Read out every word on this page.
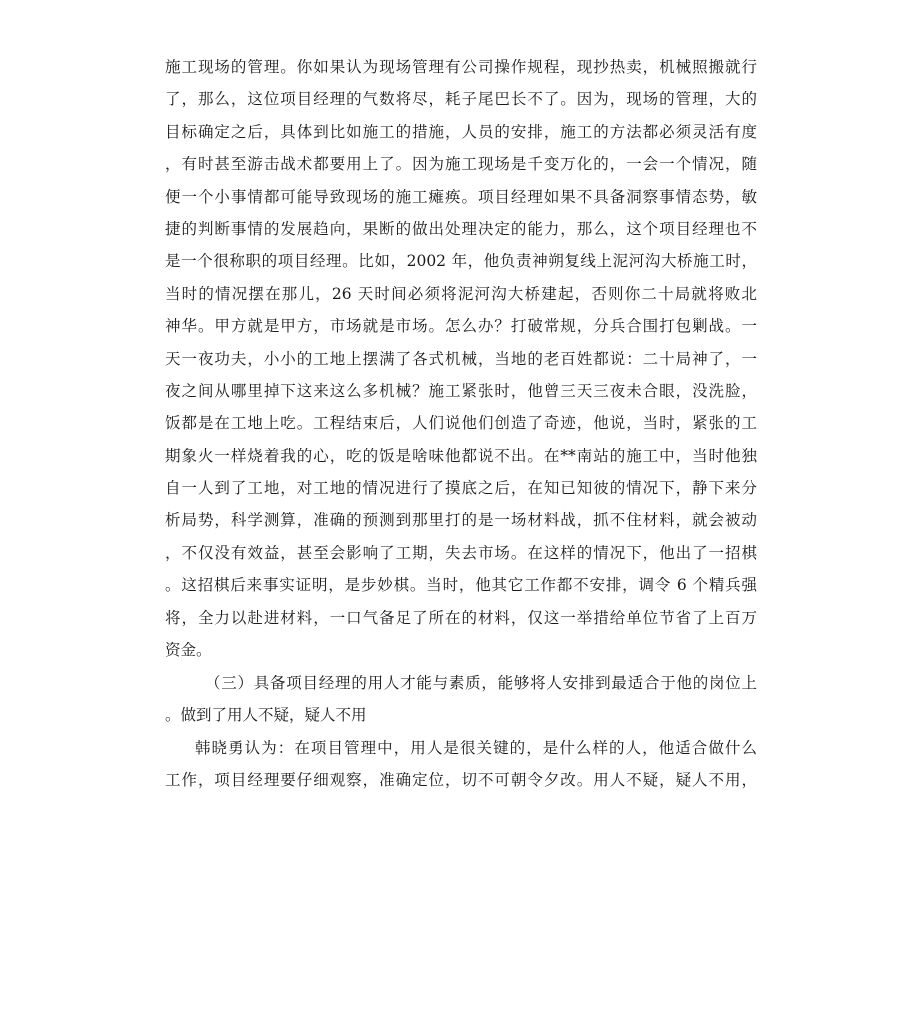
施工现场的管理。你如果认为现场管理有公司操作规程，现抄热卖，机械照搬就行
了，那么，这位项目经理的气数将尽，耗子尾巴长不了。因为，现场的管理，大的
目标确定之后，具体到比如施工的措施，人员的安排，施工的方法都必须灵活有度
，有时甚至游击战术都要用上了。因为施工现场是千变万化的，一会一个情况，随
便一个小事情都可能导致现场的施工瘫痪。项目经理如果不具备洞察事情态势，敏
捷的判断事情的发展趋向，果断的做出处理决定的能力，那么，这个项目经理也不
是一个很称职的项目经理。比如，2002 年，他负责神朔复线上泥河沟大桥施工时，
当时的情况摆在那儿，26 天时间必须将泥河沟大桥建起，否则你二十局就将败北
神华。甲方就是甲方，市场就是市场。怎么办？打破常规，分兵合围打包剿战。一
天一夜功夫，小小的工地上摆满了各式机械，当地的老百姓都说：二十局神了，一
夜之间从哪里掉下这来这么多机械？施工紧张时，他曾三天三夜未合眼，没洗脸，
饭都是在工地上吃。工程结束后，人们说他们创造了奇迹，他说，当时，紧张的工
期象火一样烧着我的心，吃的饭是啥味他都说不出。在**南站的施工中，当时他独
自一人到了工地，对工地的情况进行了摸底之后，在知已知彼的情况下，静下来分
析局势，科学测算，准确的预测到那里打的是一场材料战，抓不住材料，就会被动
，不仅没有效益，甚至会影响了工期，失去市场。在这样的情况下，他出了一招棋
。这招棋后来事实证明，是步妙棋。当时，他其它工作都不安排，调令 6 个精兵强
将，全力以赴进材料，一口气备足了所在的材料，仅这一举措给单位节省了上百万
资金。
（三）具备项目经理的用人才能与素质，能够将人安排到最适合于他的岗位上
。做到了用人不疑，疑人不用
韩晓勇认为：在项目管理中，用人是很关键的，是什么样的人，他适合做什么
工作，项目经理要仔细观察，准确定位，切不可朝令夕改。用人不疑，疑人不用，
